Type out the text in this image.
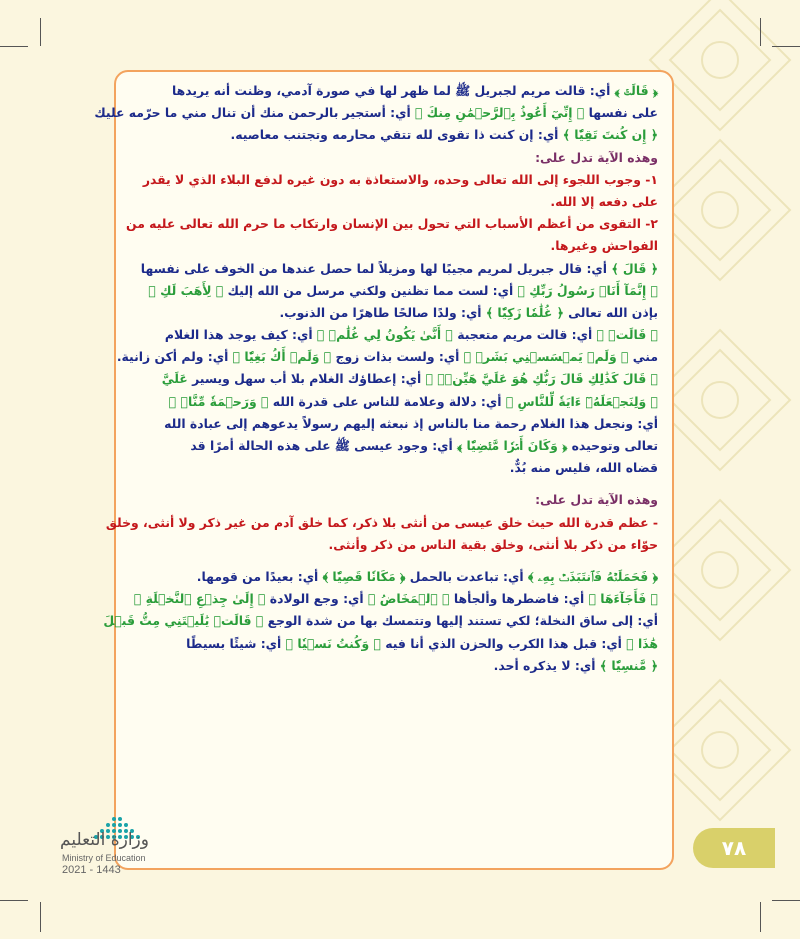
﴿ قَالَتۡ ﴾ أي: قالت مريم لجبريل ﷺ لما ظهر لها في صورة آدمي، وظنت أنه يريدها
على نفسها ﴿ إِنِّيٓ أَعُوذُ بِٱلرَّحۡمَٰنِ مِنكَ ﴾ أي: أستجير بالرحمن منك أن تنال مني ما حرّمه عليك
﴿ إِن كُنتَ تَقِيّٗا ﴾ أي: إن كنت ذا تقوى لله تتقي محارمه وتجتنب معاصيه.
وهذه الآية تدل على:
١- وجوب اللجوء إلى الله تعالى وحده، والاستعاذة به دون غيره لدفع البلاء الذي لا يقدر
على دفعه إلا الله.
٢- التقوى من أعظم الأسباب التي تحول بين الإنسان وارتكاب ما حرم الله تعالى عليه من
الفواحش وغيرها.
﴿ قَالَ ﴾ أي: قال جبريل لمريم مجيبًا لها ومزيلاً لما حصل عندها من الخوف على نفسها
﴿ إِنَّمَآ أَنَا۠ رَسُولُ رَبِّكِ ﴾ أي: لست مما تظنين ولكني مرسل من الله إليك ﴿ لِأَهَبَ لَكِ ﴾
بإذن الله تعالى ﴿ غُلَٰمٗا زَكِيّٗا ﴾ أي: ولدًا صالحًا طاهرًا من الذنوب.
﴿ قَالَتۡ ﴾ أي: قالت مريم متعجبة ﴿ أَنَّىٰ يَكُونُ لِي غُلَٰمٞ ﴾ أي: كيف يوجد هذا الغلام
مني ﴿ وَلَمۡ يَمۡسَسۡنِي بَشَرٞ ﴾ أي: ولست بذات زوج ﴿ وَلَمۡ أَكُ بَغِيّٗا ﴾ أي: ولم أكن زانية.
﴿ قَالَ كَذَٰلِكِ قَالَ رَبُّكِ هُوَ عَلَيَّ هَيِّنٞۖ ﴾ أي: إعطاؤك الغلام بلا أب سهل ويسير عَلَيَّ
﴿ وَلِنَجۡعَلَهُۥٓ ءَايَةٗ لِّلنَّاسِ ﴾ أي: دلالة وعلامة للناس على قدرة الله ﴿ وَرَحۡمَةٗ مِّنَّاۚ ﴾
أي: ونجعل هذا الغلام رحمة منا بالناس إذ نبعثه إليهم رسولاً يدعوهم إلى عبادة الله
تعالى وتوحيده ﴿ وَكَانَ أَمۡرٗا مَّقۡضِيّٗا ﴾ أي: وجود عيسى ﷺ على هذه الحالة أمرًا قد
قضاه الله، فليس منه بُدٌّ.
وهذه الآية تدل على:
- عظم قدرة الله حيث خلق عيسى من أنثى بلا ذكر، كما خلق آدم من غير ذكر ولا أنثى، وخلق
حوّاء من ذكر بلا أنثى، وخلق بقية الناس من ذكر وأنثى.
﴿ فَحَمَلَتۡهُ فَٱنتَبَذَتۡ بِهِۦ ﴾ أي: تباعدت بالحمل ﴿ مَكَانٗا قَصِيّٗا ﴾ أي: بعيدًا من قومها.
﴿ فَأَجَآءَهَا ﴾ أي: فاضطرها وألجأها ﴿ ٱلۡمَخَاضُ ﴾ أي: وجع الولادة ﴿ إِلَىٰ جِذۡعِ ٱلنَّخۡلَةِ ﴾
أي: إلى ساق النخلة؛ لكي تستند إليها وتتمسك بها من شدة الوجع ﴿ قَالَتۡ يَٰلَيۡتَنِي مِتُّ قَبۡلَ
هَٰذَا ﴾ أي: قبل هذا الكرب والحزن الذي أنا فيه ﴿ وَكُنتُ نَسۡيٗا ﴾ أي: شيئًا بسيطًا
﴿ مَّنسِيّٗا ﴾ أي: لا يذكره أحد.
٧٨
وزارة التعليم
Ministry of Education
2021 - 1443
